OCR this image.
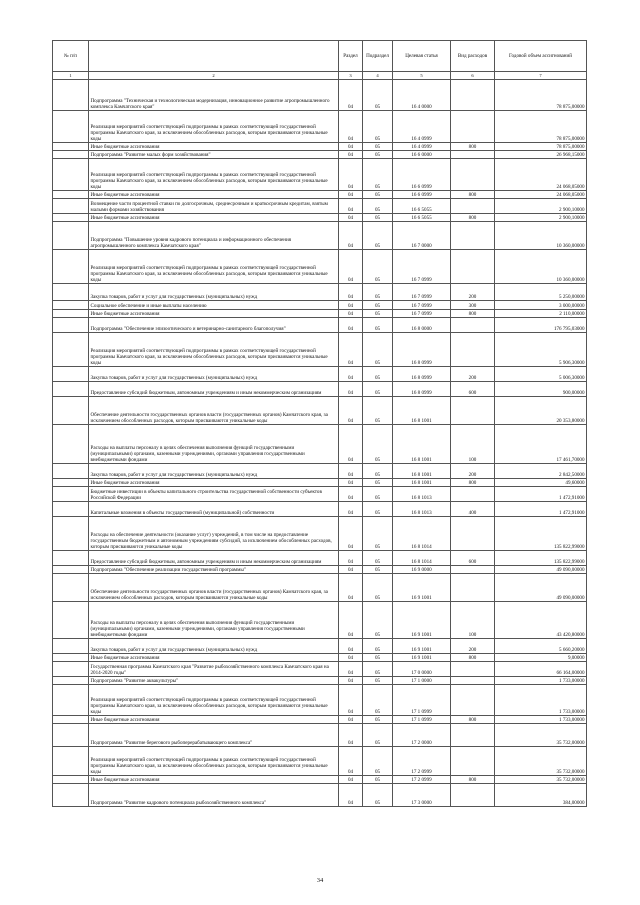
№ п/п		Раздел	Подраздел	Целевая статья	Вид расходов	Годовой объем ассигнований
1	2	3	4	5	6	7
	Подпрограмма "Техническая и технологическая модернизация, инновационное развитие агропромышленного комплекса Камчатского края"	04	05	16 4 0000		78 875,00000
	Реализация мероприятий соответствующей подпрограммы в рамках соответствующей государственной программы Камчатского края, за исключением обособленных расходов, которым присваиваются уникальные коды	04	05	16 4 0999		78 875,00000
	Иные бюджетные ассигнования	04	05	16 4 0999	800	78 875,00000
	Подпрограмма "Развитие малых форм хозяйствования"	04	05	16 6 0000		26 968,15000
	Реализация мероприятий соответствующей подпрограммы в рамках соответствующей государственной программы Камчатского края, за исключением обособленных расходов, которым присваиваются уникальные коды	04	05	16 6 0999		24 068,05000
	Иные бюджетные ассигнования	04	05	16 6 0999	800	24 068,05000
	Возмещение части процентной ставки по долгосрочным, среднесрочным и краткосрочным кредитам, взятым малыми формами хозяйствования	04	05	16 6 5055		2 900,10000
	Иные бюджетные ассигнования	04	05	16 6 5055	800	2 900,10000
	Подпрограмма "Повышение уровня кадрового потенциала и информационного обеспечения агропромышленного комплекса Камчатского края"	04	05	16 7 0000		10 360,00000
	Реализация мероприятий соответствующей подпрограммы в рамках соответствующей государственной программы Камчатского края, за исключением обособленных расходов, которым присваиваются уникальные коды	04	05	16 7 0999		10 360,00000
	Закупка товаров, работ и услуг для государственных (муниципальных) нужд	04	05	16 7 0999	200	5 250,00000
	Социальное обеспечение и иные выплаты населению	04	05	16 7 0999	300	3 000,00000
	Иные бюджетные ассигнования	04	05	16 7 0999	800	2 110,00000
	Подпрограмма "Обеспечение эпизоотического и ветеринарно-санитарного благополучия"	04	05	16 8 0000		176 795,03000
	Реализация мероприятий соответствующей подпрограммы в рамках соответствующей государственной программы Камчатского края, за исключением обособленных расходов, которым присваиваются уникальные коды	04	05	16 8 0999		5 906,30000
	Закупка товаров, работ и услуг для государственных (муниципальных) нужд	04	05	16 8 0999	200	5 006,30000
	Предоставление субсидий бюджетным, автономным учреждениям и иным некоммерческим организациям	04	05	16 8 0999	600	900,00000
	Обеспечение деятельности государственных органов власти (государственных органов) Камчатского края, за исключением обособленных расходов, которым присваиваются уникальные коды	04	05	16 8 1001		20 353,80000
	Расходы на выплаты персоналу в целях обеспечения выполнения функций государственными (муниципальными) органами, казенными учреждениями, органами управления государственными внебюджетными фондами	04	05	16 8 1001	100	17 461,70000
	Закупка товаров, работ и услуг для государственных (муниципальных) нужд	04	05	16 8 1001	200	2 842,50000
	Иные бюджетные ассигнования	04	05	16 8 1001	800	49,60000
	Бюджетные инвестиции в объекты капитального строительства государственной собственности субъектов Российской Федерации	04	05	16 8 1013		1 472,91000
	Капитальные вложения в объекты государственной (муниципальной) собственности	04	05	16 8 1013	400	1 472,91000
	Расходы на обеспечение деятельности (оказание услуг) учреждений, в том числе на предоставление государственным бюджетным и автономным учреждениям субсидий, за исключением обособленных расходов, которым присваиваются уникальные коды	04	05	16 8 1014		135 822,99000
	Предоставление субсидий бюджетным, автономным учреждениям и иным некоммерческим организациям	04	05	16 8 1014	600	135 822,99000
	Подпрограмма "Обеспечение реализации государственной программы"	04	05	16 9 0000		49 090,00000
	Обеспечение деятельности государственных органов власти (государственных органов) Камчатского края, за исключением обособленных расходов, которым присваиваются уникальные коды	04	05	16 9 1001		49 090,00000
	Расходы на выплаты персоналу в целях обеспечения выполнения функций государственными (муниципальными) органами, казенными учреждениями, органами управления государственными внебюджетными фондами	04	05	16 9 1001	100	43 420,80000
	Закупка товаров, работ и услуг для государственных (муниципальных) нужд	04	05	16 9 1001	200	5 660,20000
	Иные бюджетные ассигнования	04	05	16 9 1001	800	9,00000
	Государственная программа Камчатского края "Развитие рыбохозяйственного комплекса Камчатского края на 2014-2020 годы"	04	05	17 0 0000		66 164,00000
	Подпрограмма "Развитие аквакультуры"	04	05	17 1 0000		1 733,00000
	Реализация мероприятий соответствующей подпрограммы в рамках соответствующей государственной программы Камчатского края, за исключением обособленных расходов, которым присваиваются уникальные коды	04	05	17 1 0999		1 733,00000
	Иные бюджетные ассигнования	04	05	17 1 0999	800	1 733,00000
	Подпрограмма "Развитие берегового рыбоперерабатывающего комплекса"	04	05	17 2 0000		35 732,00000
	Реализация мероприятий соответствующей подпрограммы в рамках соответствующей государственной программы Камчатского края, за исключением обособленных расходов, которым присваиваются уникальные коды	04	05	17 2 0999		35 732,00000
	Иные бюджетные ассигнования	04	05	17 2 0999	800	35 732,00000
	Подпрограмма "Развитие кадрового потенциала рыбохозяйственного комплекса"	04	05	17 3 0000		384,00000
34
